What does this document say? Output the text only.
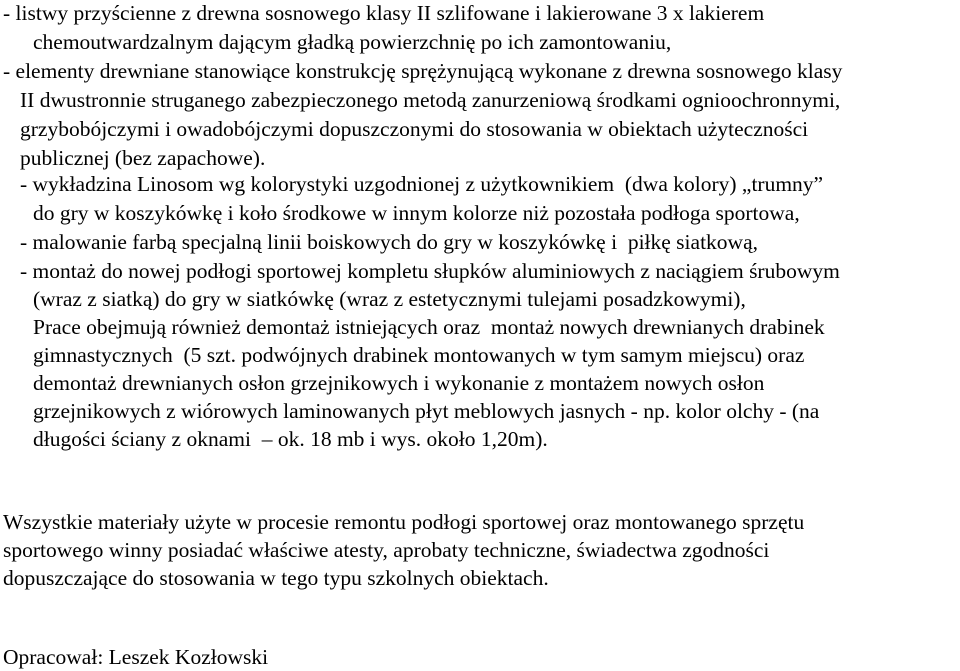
- listwy przyściennе z drewna sosnowego klasy II szlifowane i lakierowane 3 x lakierem
chemoutwardzalnym dającym gładką powierzchnię po ich zamontowaniu,
- elementy drewniane stanowiące konstrukcję sprężynującą wykonane z drewna sosnowego klasy
II dwustronnie struganego zabezpieczonego metodą zanurzeniową środkami ognioochronnymi,
grzybobójczymi i owadobójczymi dopuszczonymi do stosowania w obiektach użyteczności
publicznej (bez zapachowe).
- wykładzina Linosom wg kolorystyki uzgodnionej z użytkownikiem  (dwa kolory) „trumny”
do gry w koszykówkę i koło środkowe w innym kolorze niż pozostała podłoga sportowa,
- malowanie farbą specjalną linii boiskowych do gry w koszykówkę i  piłkę siatkową,
- montaż do nowej podłogi sportowej kompletu słupków aluminiowych z naciągiem śrubowym
(wraz z siatką) do gry w siatkówkę (wraz z estetycznymi tulejami posadzkowymi),
Prace obejmują również demontaż istniejących oraz  montaż nowych drewnianych drabinek
gimnastycznych  (5 szt. podwójnych drabinek montowanych w tym samym miejscu) oraz
demontaż drewnianych osłon grzejnikowych i wykonanie z montażem nowych osłon
grzejnikowych z wiórowych laminowanych płyt meblowych jasnych - np. kolor olchy - (na
długości ściany z oknami  – ok. 18 mb i wys. około 1,20m).
Wszystkie materiały użyte w procesie remontu podłogi sportowej oraz montowanego sprzętu
sportowego winny posiadać właściwe atesty, aprobaty techniczne, świadectwa zgodności
dopuszczające do stosowania w tego typu szkolnych obiektach.
Opracował: Leszek Kozłowski
